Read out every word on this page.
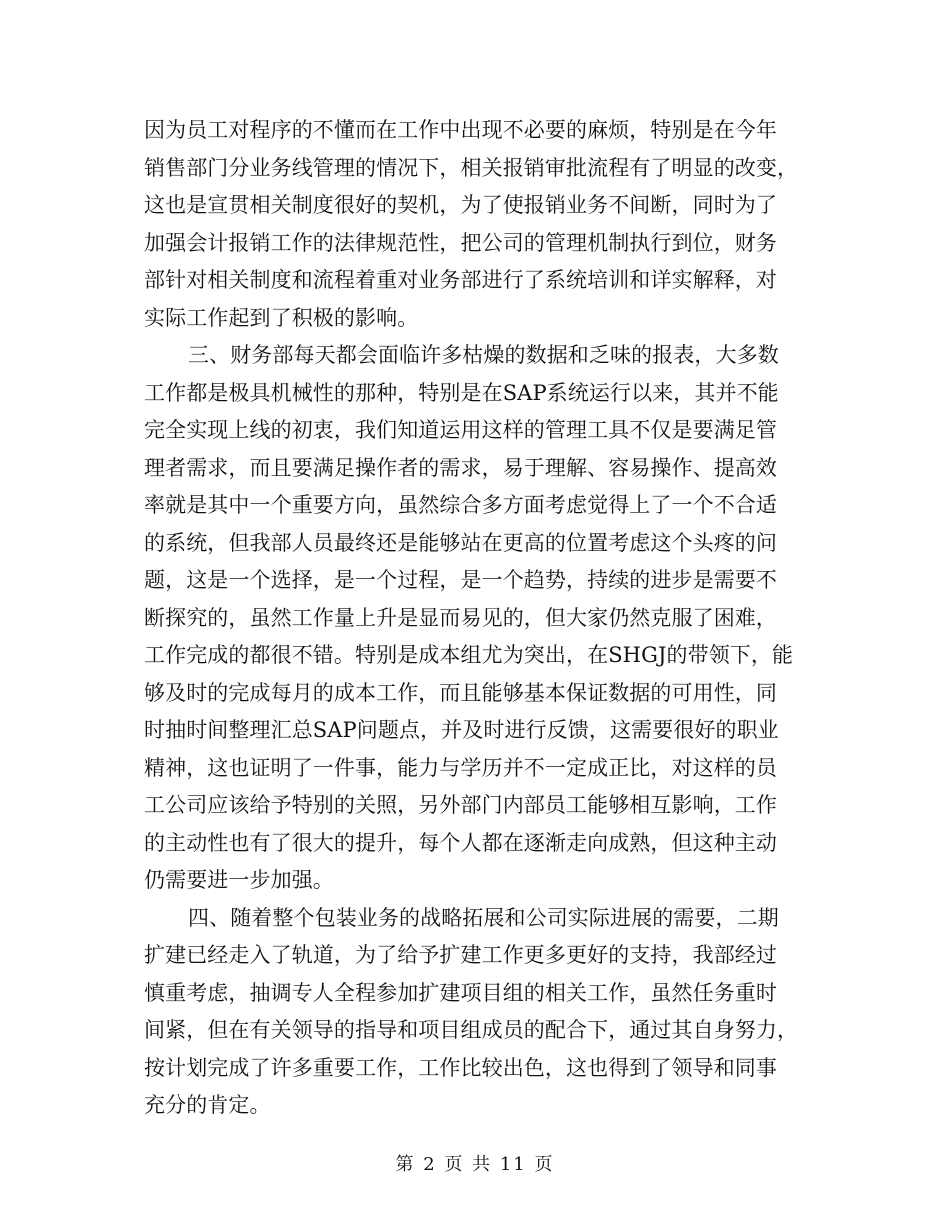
因为员工对程序的不懂而在工作中出现不必要的麻烦，特别是在今年
销售部门分业务线管理的情况下，相关报销审批流程有了明显的改变，
这也是宣贯相关制度很好的契机，为了使报销业务不间断，同时为了
加强会计报销工作的法律规范性，把公司的管理机制执行到位，财务
部针对相关制度和流程着重对业务部进行了系统培训和详实解释，对
实际工作起到了积极的影响。
三、财务部每天都会面临许多枯燥的数据和乏味的报表，大多数
工作都是极具机械性的那种，特别是在SAP系统运行以来，其并不能
完全实现上线的初衷，我们知道运用这样的管理工具不仅是要满足管
理者需求，而且要满足操作者的需求，易于理解、容易操作、提高效
率就是其中一个重要方向，虽然综合多方面考虑觉得上了一个不合适
的系统，但我部人员最终还是能够站在更高的位置考虑这个头疼的问
题，这是一个选择，是一个过程，是一个趋势，持续的进步是需要不
断探究的，虽然工作量上升是显而易见的，但大家仍然克服了困难，
工作完成的都很不错。特别是成本组尤为突出，在SHGJ的带领下，能
够及时的完成每月的成本工作，而且能够基本保证数据的可用性，同
时抽时间整理汇总SAP问题点，并及时进行反馈，这需要很好的职业
精神，这也证明了一件事，能力与学历并不一定成正比，对这样的员
工公司应该给予特别的关照，另外部门内部员工能够相互影响，工作
的主动性也有了很大的提升，每个人都在逐渐走向成熟，但这种主动
仍需要进一步加强。
四、随着整个包装业务的战略拓展和公司实际进展的需要，二期
扩建已经走入了轨道，为了给予扩建工作更多更好的支持，我部经过
慎重考虑，抽调专人全程参加扩建项目组的相关工作，虽然任务重时
间紧，但在有关领导的指导和项目组成员的配合下，通过其自身努力，
按计划完成了许多重要工作，工作比较出色，这也得到了领导和同事
充分的肯定。
第 2 页 共 11 页
